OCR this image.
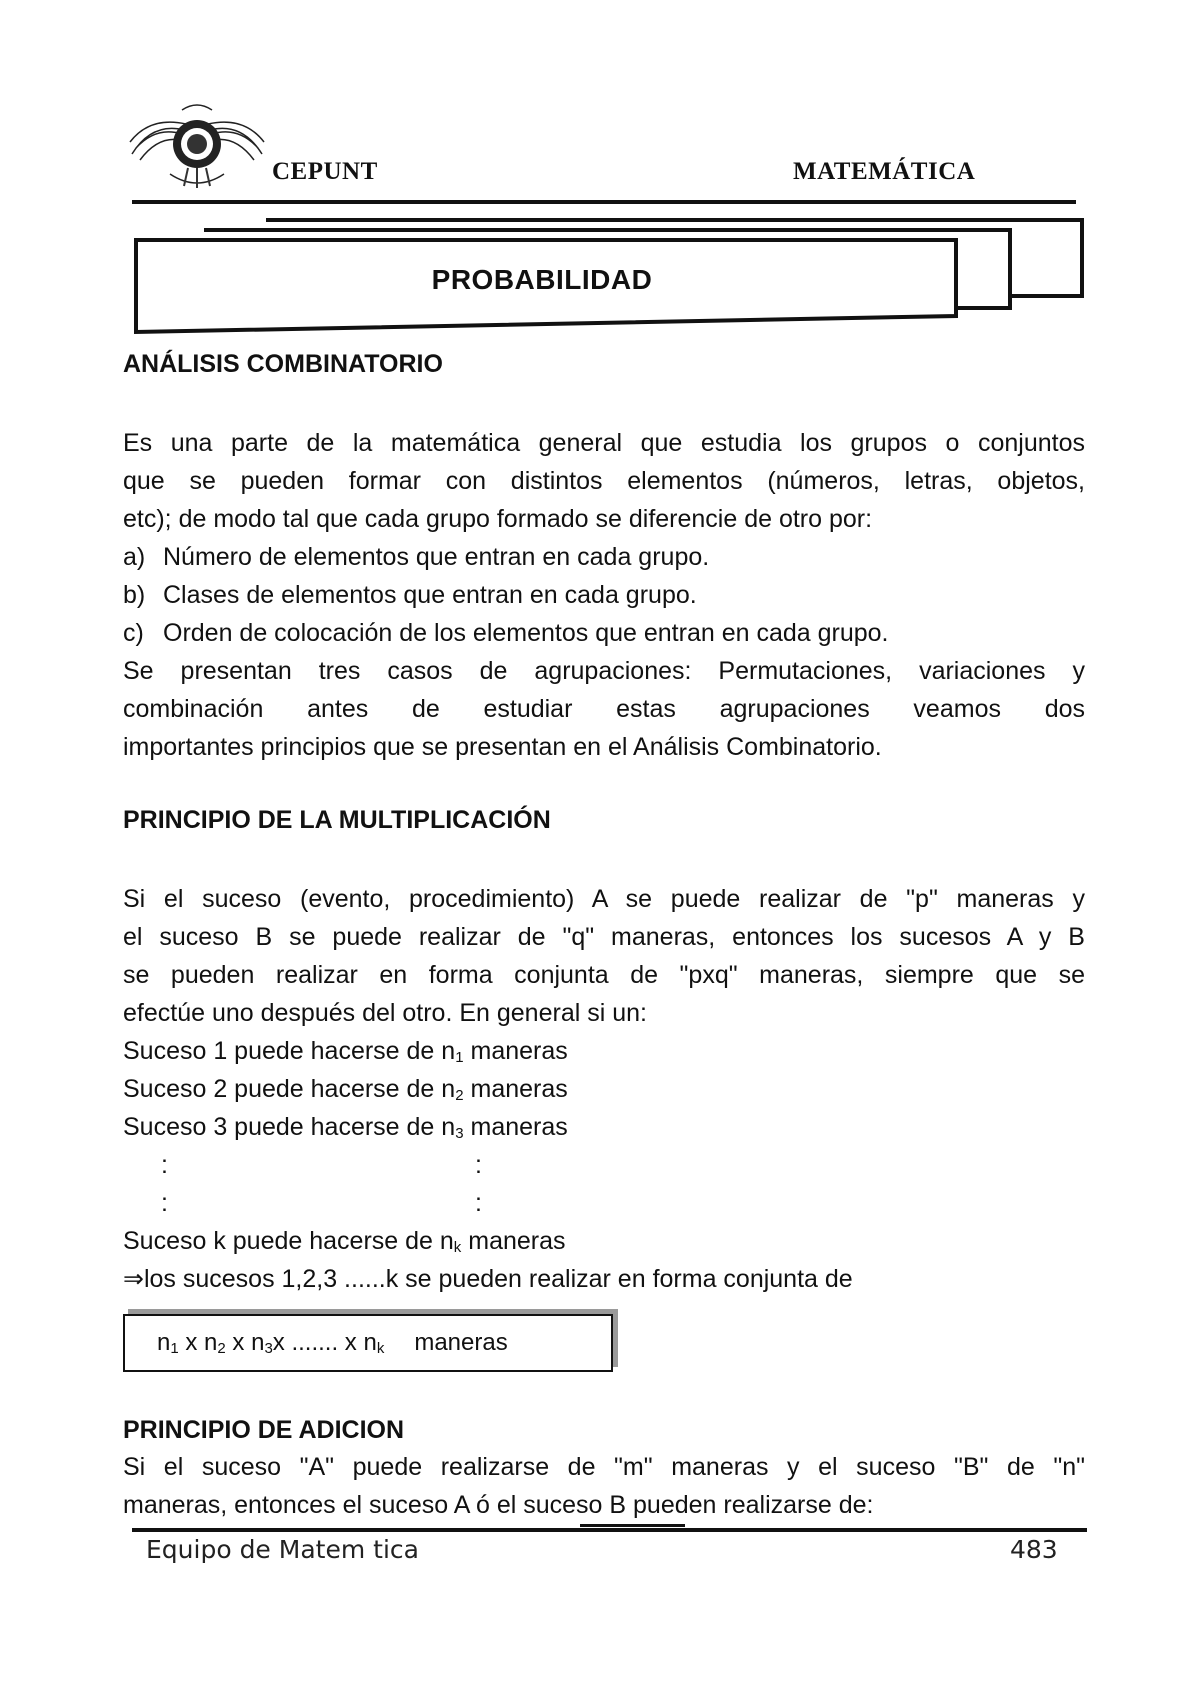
CEPUNT	MATEMÁTICA
PROBABILIDAD
ANÁLISIS COMBINATORIO
Es una parte de la matemática general que estudia los grupos o conjuntos
que se pueden formar con distintos elementos (números, letras, objetos,
etc); de modo tal que cada grupo formado se diferencie de otro por:
a) Número de elementos que entran en cada grupo.
b) Clases de elementos que entran en cada grupo.
c) Orden de colocación de los elementos que entran en cada grupo.
Se presentan tres casos de agrupaciones: Permutaciones, variaciones y
combinación antes de estudiar estas agrupaciones veamos dos
importantes principios que se presentan en el Análisis Combinatorio.
PRINCIPIO DE LA MULTIPLICACIÓN
Si el suceso (evento, procedimiento) A se puede realizar de "p" maneras y
el suceso B se puede realizar de "q" maneras, entonces los sucesos A y B
se pueden realizar en forma conjunta de "pxq" maneras, siempre que se
efectúe uno después del otro. En general si un:
Suceso 1 puede hacerse de $n_1$ maneras
Suceso 2 puede hacerse de $n_2$ maneras
Suceso 3 puede hacerse de $n_3$ maneras
:	:
:	:
Suceso k puede hacerse de $n_k$ maneras
⇒los sucesos 1,2,3 ......k se pueden realizar en forma conjunta de
$n_1$ x $n_2$ x $n_3x$ ....... x $n_k$ maneras
PRINCIPIO DE ADICION
Si el suceso "A" puede realizarse de "m" maneras y el suceso "B" de "n"
maneras, entonces el suceso A ó el suceso B pueden realizarse de:
Equipo de Matem tica	483
